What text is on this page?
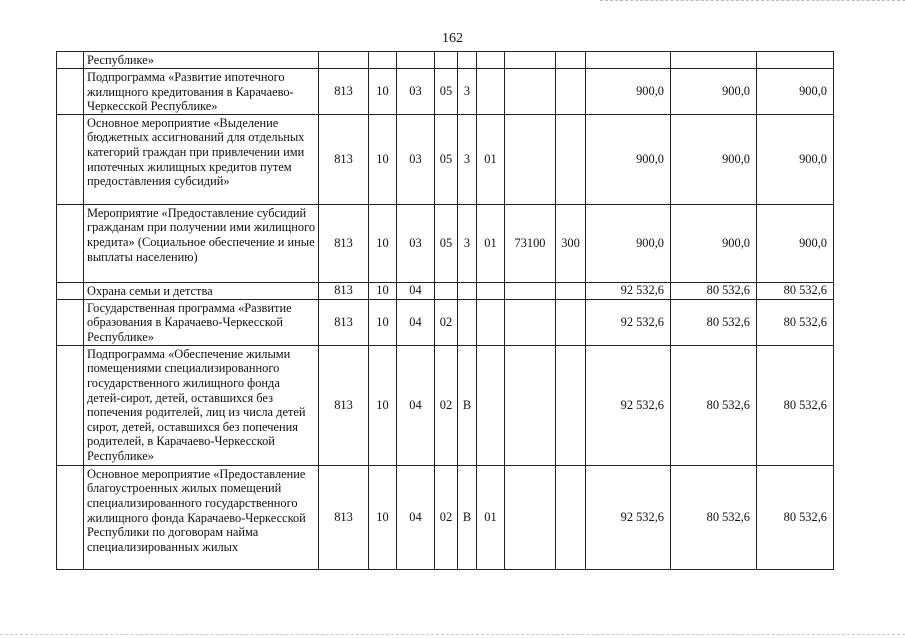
162
	Республике»											
	Подпрограмма «Развитие ипотечного жилищного кредитования в Карачаево-Черкесской Республике»	813	10	03	05	3				900,0	900,0	900,0
	Основное мероприятие «Выделение бюджетных ассигнований для отдельных категорий граждан при привлечении ими ипотечных жилищных кредитов путем предоставления субсидий»	813	10	03	05	3	01			900,0	900,0	900,0
	Мероприятие «Предоставление субсидий гражданам при получении ими жилищного кредита» (Социальное обеспечение и иные выплаты населению)	813	10	03	05	3	01	73100	300	900,0	900,0	900,0
	Охрана семьи и детства	813	10	04						92 532,6	80 532,6	80 532,6
	Государственная программа «Развитие образования в Карачаево-Черкесской Республике»	813	10	04	02					92 532,6	80 532,6	80 532,6
	Подпрограмма «Обеспечение жилыми помещениями специализированного государственного жилищного фонда детей-сирот, детей, оставшихся без попечения родителей, лиц из числа детей сирот, детей, оставшихся без попечения родителей, в Карачаево-Черкесской Республике»	813	10	04	02	В				92 532,6	80 532,6	80 532,6
	Основное мероприятие «Предоставление благоустроенных жилых помещений специализированного государственного жилищного фонда Карачаево-Черкесской Республики по договорам найма специализированных жилых	813	10	04	02	В	01			92 532,6	80 532,6	80 532,6
